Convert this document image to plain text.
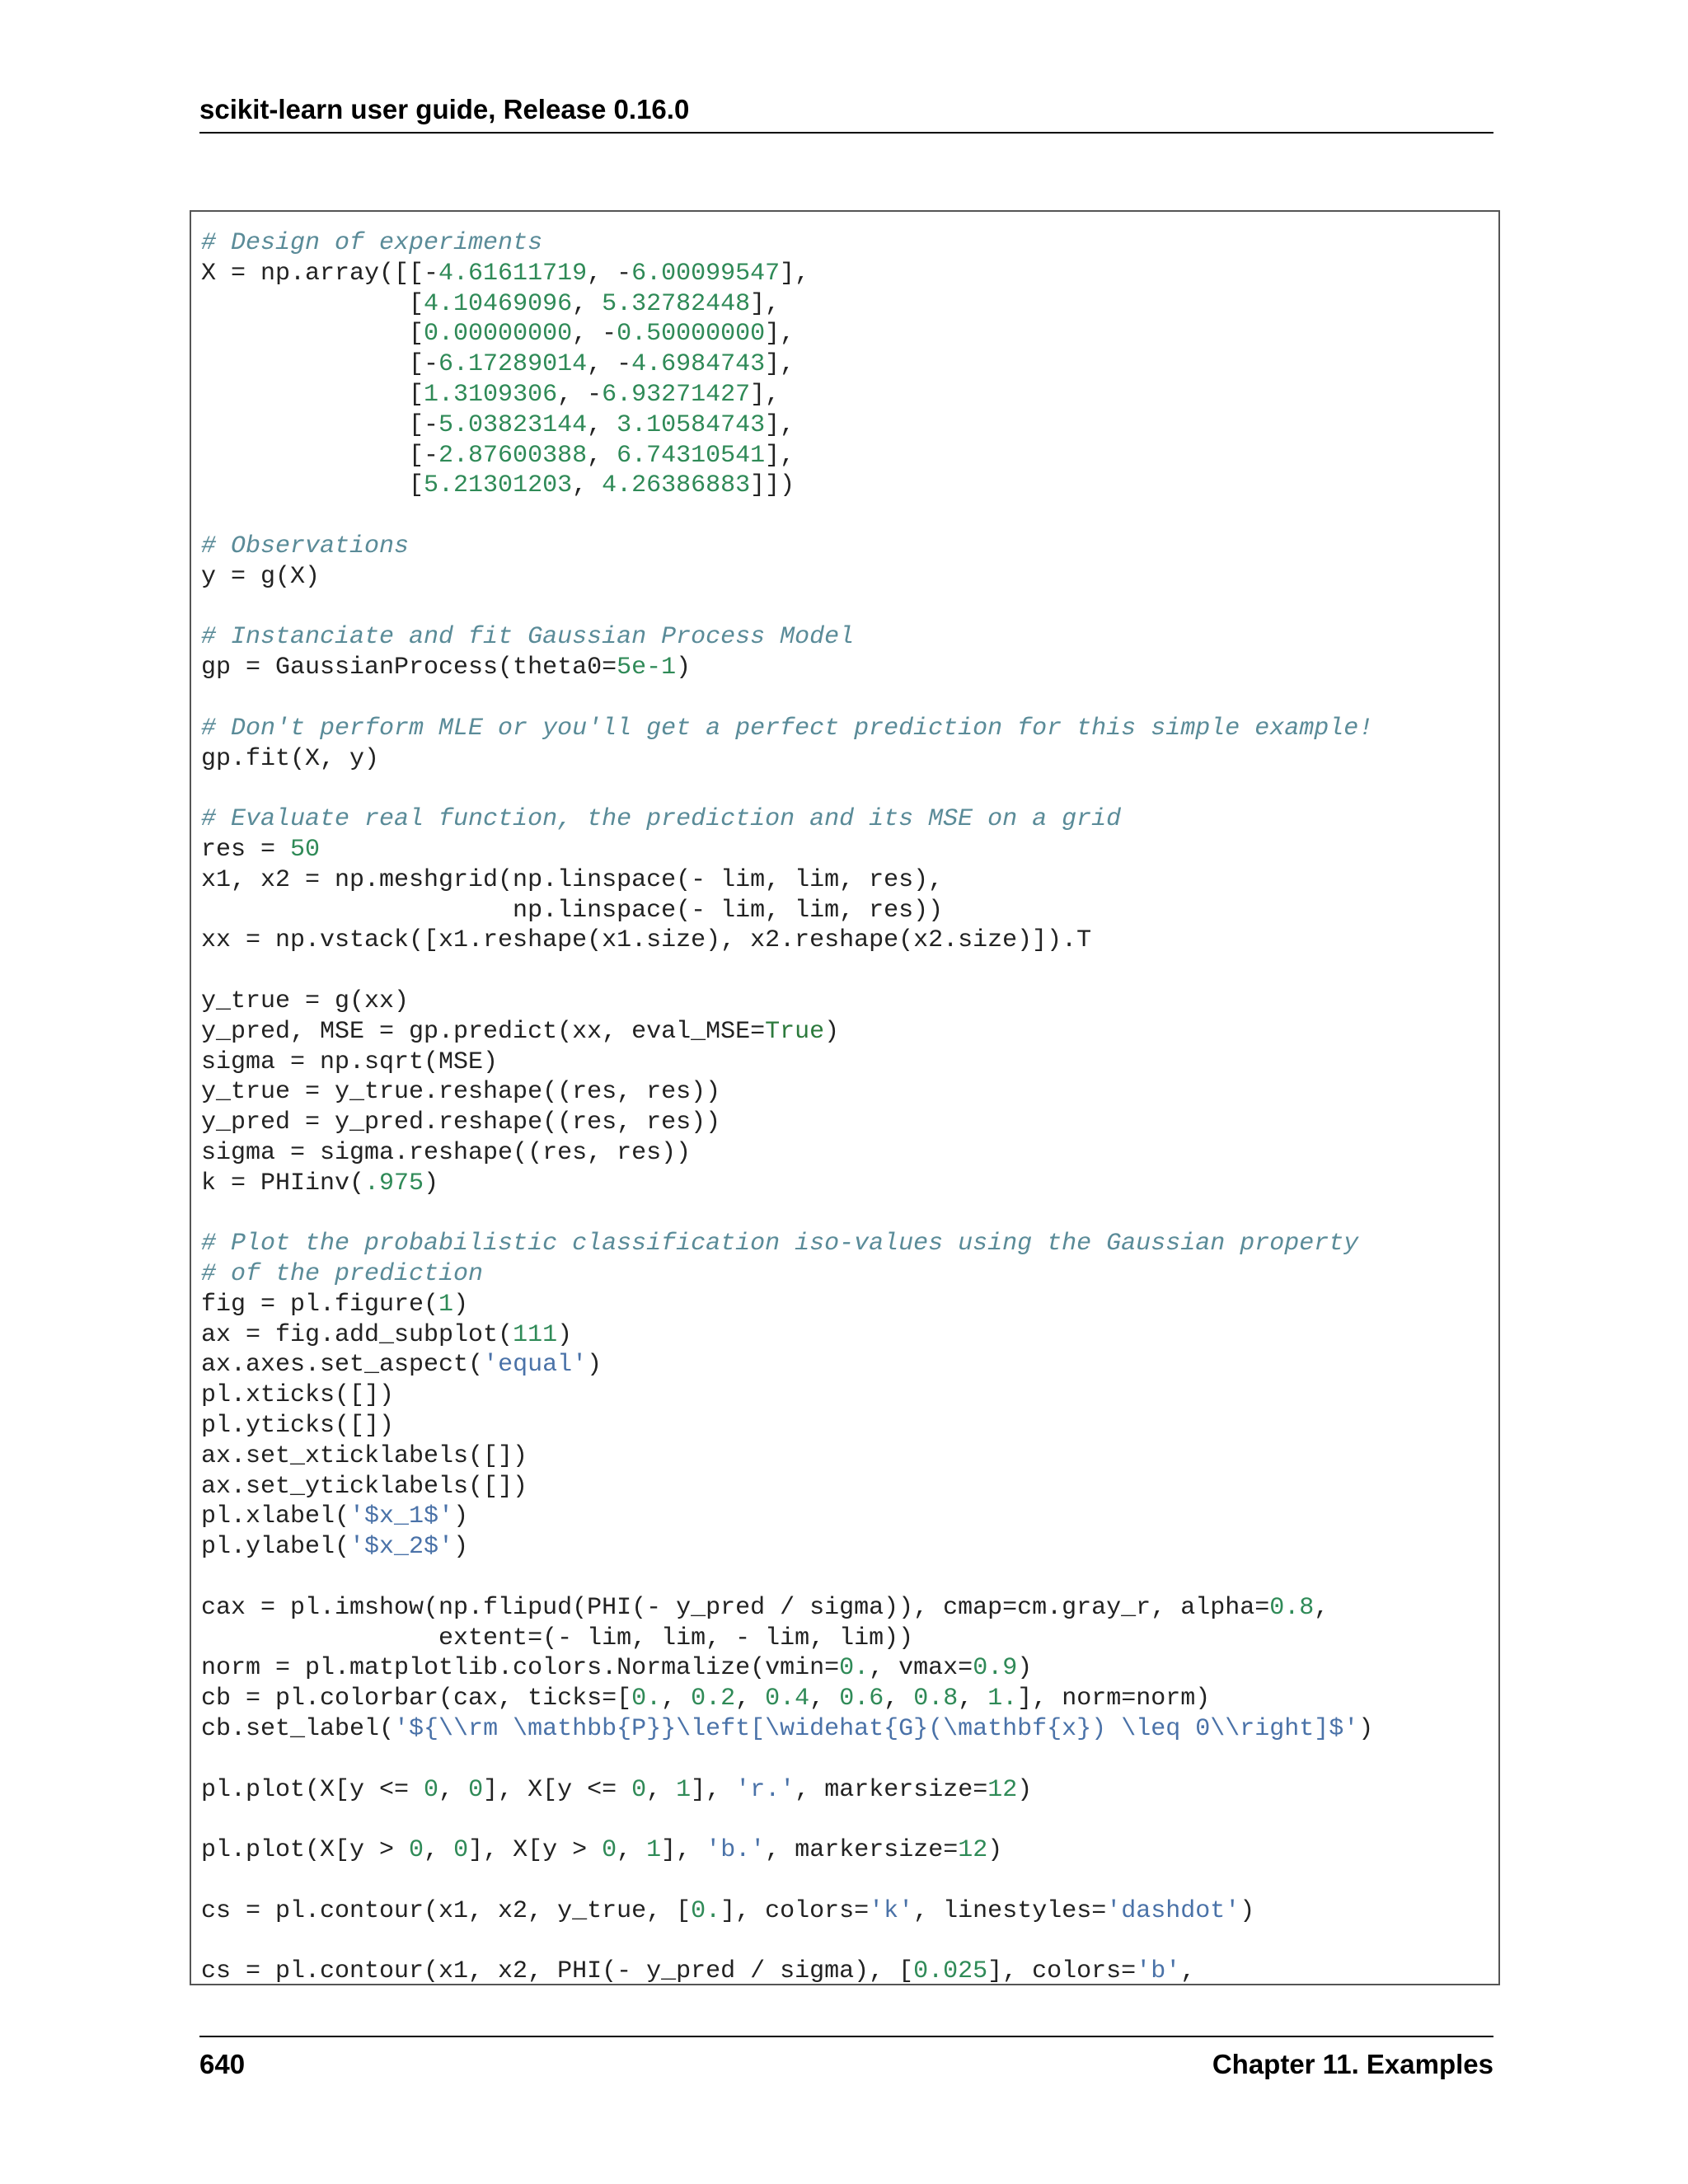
scikit-learn user guide, Release 0.16.0
# Design of experiments
X = np.array([[-4.61611719, -6.00099547],
[4.10469096, 5.32782448],
[0.00000000, -0.50000000],
[-6.17289014, -4.6984743],
[1.3109306, -6.93271427],
[-5.03823144, 3.10584743],
[-2.87600388, 6.74310541],
[5.21301203, 4.26386883]])

# Observations
y = g(X)

# Instanciate and fit Gaussian Process Model
gp = GaussianProcess(theta0=5e-1)

# Don't perform MLE or you'll get a perfect prediction for this simple example!
gp.fit(X, y)

# Evaluate real function, the prediction and its MSE on a grid
res = 50
x1, x2 = np.meshgrid(np.linspace(- lim, lim, res),
np.linspace(- lim, lim, res))
xx = np.vstack([x1.reshape(x1.size), x2.reshape(x2.size)]).T

y_true = g(xx)
y_pred, MSE = gp.predict(xx, eval_MSE=True)
sigma = np.sqrt(MSE)
y_true = y_true.reshape((res, res))
y_pred = y_pred.reshape((res, res))
sigma = sigma.reshape((res, res))
k = PHIinv(.975)

# Plot the probabilistic classification iso-values using the Gaussian property
# of the prediction
fig = pl.figure(1)
ax = fig.add_subplot(111)
ax.axes.set_aspect('equal')
pl.xticks([])
pl.yticks([])
ax.set_xticklabels([])
ax.set_yticklabels([])
pl.xlabel('$x_1$')
pl.ylabel('$x_2$')

cax = pl.imshow(np.flipud(PHI(- y_pred / sigma)), cmap=cm.gray_r, alpha=0.8,
extent=(- lim, lim, - lim, lim))
norm = pl.matplotlib.colors.Normalize(vmin=0., vmax=0.9)
cb = pl.colorbar(cax, ticks=[0., 0.2, 0.4, 0.6, 0.8, 1.], norm=norm)
cb.set_label('${\\rm \mathbb{P}}\left[\widehat{G}(\mathbf{x}) \leq 0\\right]$')

pl.plot(X[y <= 0, 0], X[y <= 0, 1], 'r.', markersize=12)

pl.plot(X[y > 0, 0], X[y > 0, 1], 'b.', markersize=12)

cs = pl.contour(x1, x2, y_true, [0.], colors='k', linestyles='dashdot')

cs = pl.contour(x1, x2, PHI(- y_pred / sigma), [0.025], colors='b',
640	Chapter 11. Examples
